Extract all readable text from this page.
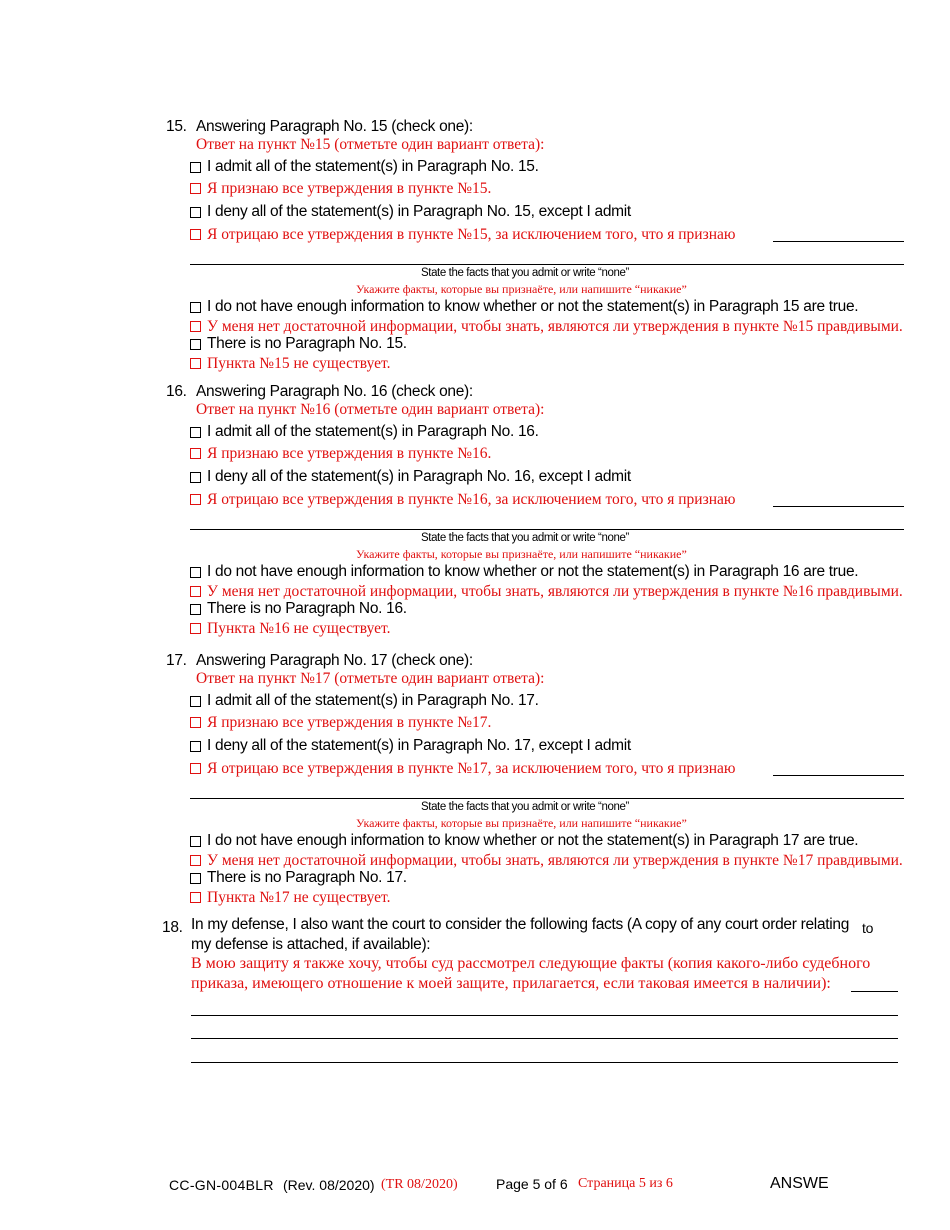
15. Answering Paragraph No. 15 (check one):
Ответ на пункт №15 (отметьте один вариант ответа):
I admit all of the statement(s) in Paragraph No. 15.
Я признаю все утверждения в пункте №15.
I deny all of the statement(s) in Paragraph No. 15, except I admit
Я отрицаю все утверждения в пункте №15, за исключением того, что я признаю
State the facts that you admit or write “none”
Укажите факты, которые вы признаёте, или напишите “никакие”
I do not have enough information to know whether or not the statement(s) in Paragraph 15 are true.
У меня нет достаточной информации, чтобы знать, являются ли утверждения в пункте №15 правдивыми.
There is no Paragraph No. 15.
Пункта №15 не существует.
16. Answering Paragraph No. 16 (check one):
Ответ на пункт №16 (отметьте один вариант ответа):
I admit all of the statement(s) in Paragraph No. 16.
Я признаю все утверждения в пункте №16.
I deny all of the statement(s) in Paragraph No. 16, except I admit
Я отрицаю все утверждения в пункте №16, за исключением того, что я признаю
State the facts that you admit or write “none”
Укажите факты, которые вы признаёте, или напишите “никакие”
I do not have enough information to know whether or not the statement(s) in Paragraph 16 are true.
У меня нет достаточной информации, чтобы знать, являются ли утверждения в пункте №16 правдивыми.
There is no Paragraph No. 16.
Пункта №16 не существует.
17. Answering Paragraph No. 17 (check one):
Ответ на пункт №17 (отметьте один вариант ответа):
I admit all of the statement(s) in Paragraph No. 17.
Я признаю все утверждения в пункте №17.
I deny all of the statement(s) in Paragraph No. 17, except I admit
Я отрицаю все утверждения в пункте №17, за исключением того, что я признаю
State the facts that you admit or write “none”
Укажите факты, которые вы признаёте, или напишите “никакие”
I do not have enough information to know whether or not the statement(s) in Paragraph 17 are true.
У меня нет достаточной информации, чтобы знать, являются ли утверждения в пункте №17 правдивыми.
There is no Paragraph No. 17.
Пункта №17 не существует.
18. In my defense, I also want the court to consider the following facts (A copy of any court order relating to
my defense is attached, if available):
В мою защиту я также хочу, чтобы суд рассмотрел следующие факты (копия какого-либо судебного
приказа, имеющего отношение к моей защите, прилагается, если таковая имеется в наличии):
CC-GN-004BLR (Rev. 08/2020) (TR 08/2020)	Page 5 of 6 Страница 5 из 6	ANSWE
